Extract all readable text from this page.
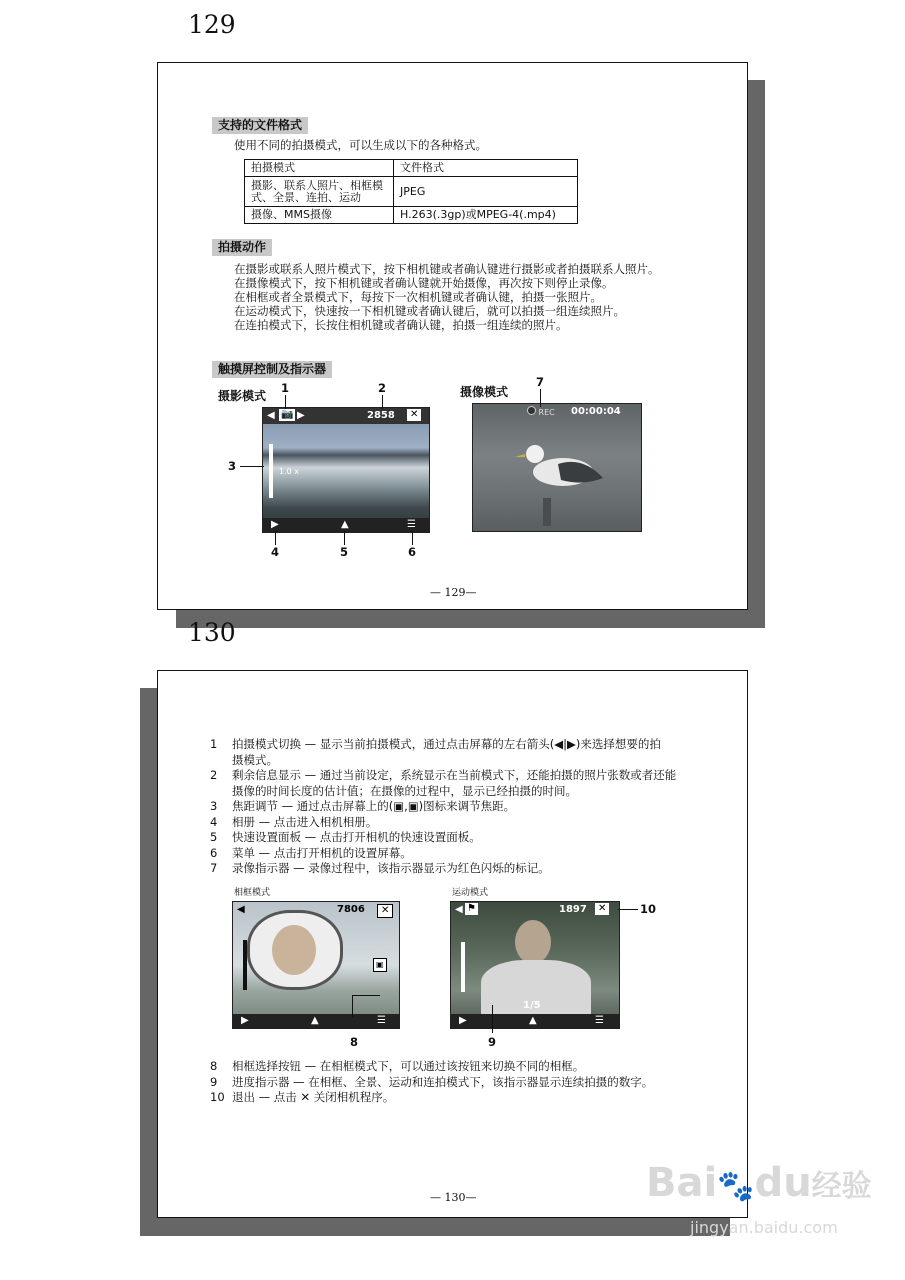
129
支持的文件格式
使用不同的拍摄模式，可以生成以下的各种格式。
拍摄模式	文件格式
摄影、联系人照片、相框模式、全景、连拍、运动	JPEG
摄像、MMS摄像	H.263(.3gp)或MPEG-4(.mp4)
拍摄动作
在摄影或联系人照片模式下，按下相机键或者确认键进行摄影或者拍摄联系人照片。
在摄像模式下，按下相机键或者确认键就开始摄像，再次按下则停止录像。
在相框或者全景模式下，每按下一次相机键或者确认键，拍摄一张照片。
在运动模式下，快速按一下相机键或者确认键后，就可以拍摄一组连续照片。
在连拍模式下，长按住相机键或者确认键，拍摄一组连续的照片。
触摸屏控制及指示器
摄影模式	摄像模式
◀ 📷 ▶	2858	✕
1.0 x
▶	▲	☰
1	2
3
4	5	6
REC 00:00:04
7
— 129—
130
1	拍摄模式切换 — 显示当前拍摄模式，通过点击屏幕的左右箭头(◀|▶)来选择想要的拍
摄模式。
2	剩余信息显示 — 通过当前设定，系统显示在当前模式下，还能拍摄的照片张数或者还能
摄像的时间长度的估计值；在摄像的过程中，显示已经拍摄的时间。
3	焦距调节 — 通过点击屏幕上的(▣,▣)图标来调节焦距。
4	相册 — 点击进入相机相册。
5	快速设置面板 — 点击打开相机的快速设置面板。
6	菜单 — 点击打开相机的设置屏幕。
7	录像指示器 — 录像过程中，该指示器显示为红色闪烁的标记。
相框模式	运动模式
◀	7806	✕
▣
▶	▲	☰
8
◀ ⚑	1897	✕
1/5
▶	▲	☰
10
9
8	相框选择按钮 — 在相框模式下，可以通过该按钮来切换不同的相框。
9	进度指示器 — 在相框、全景、运动和连拍模式下，该指示器显示连续拍摄的数字。
10 退出 — 点击 ✕ 关闭相机程序。
— 130—	Bai🐾du经验
jingyan.baidu.com
